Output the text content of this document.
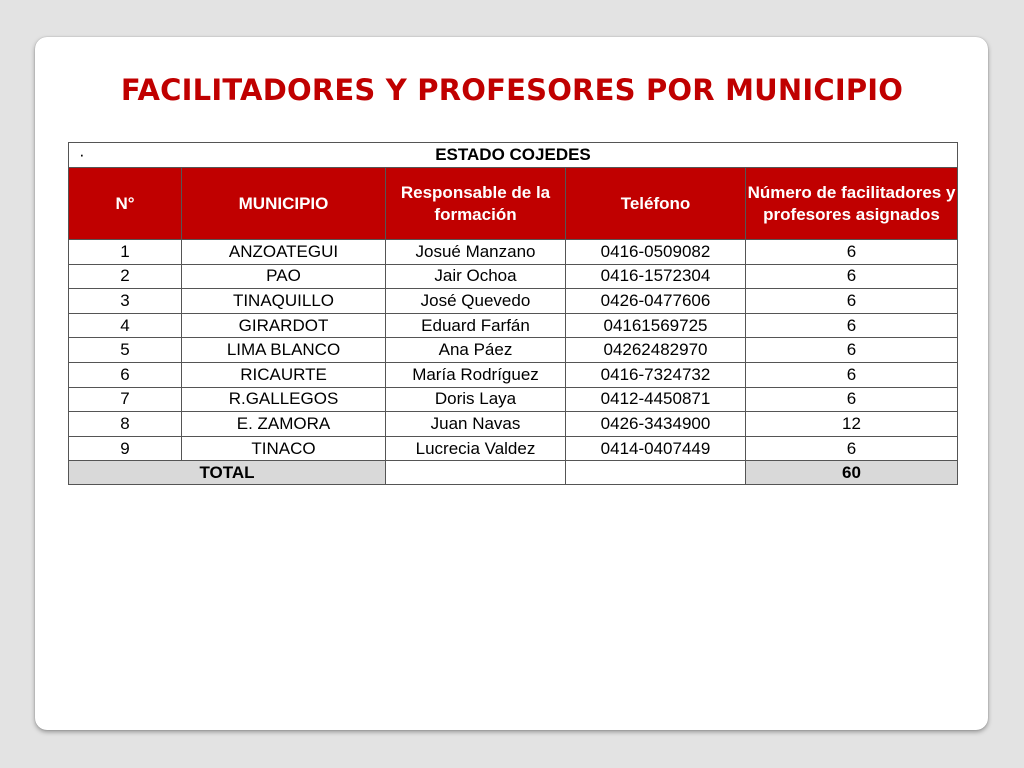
FACILITADORES Y PROFESORES POR MUNICIPIO
· ESTADO COJEDES				
N°	MUNICIPIO	Responsable de la formación	Teléfono	Número de facilitadores y profesores asignados
1	ANZOATEGUI	Josué Manzano	0416-0509082	6
2	PAO	Jair Ochoa	0416-1572304	6
3	TINAQUILLO	José Quevedo	0426-0477606	6
4	GIRARDOT	Eduard Farfán	04161569725	6
5	LIMA BLANCO	Ana Páez	04262482970	6
6	RICAURTE	María Rodríguez	0416-7324732	6
7	R.GALLEGOS	Doris Laya	0412-4450871	6
8	E. ZAMORA	Juan Navas	0426-3434900	12
9	TINACO	Lucrecia Valdez	0414-0407449	6
TOTAL				60
